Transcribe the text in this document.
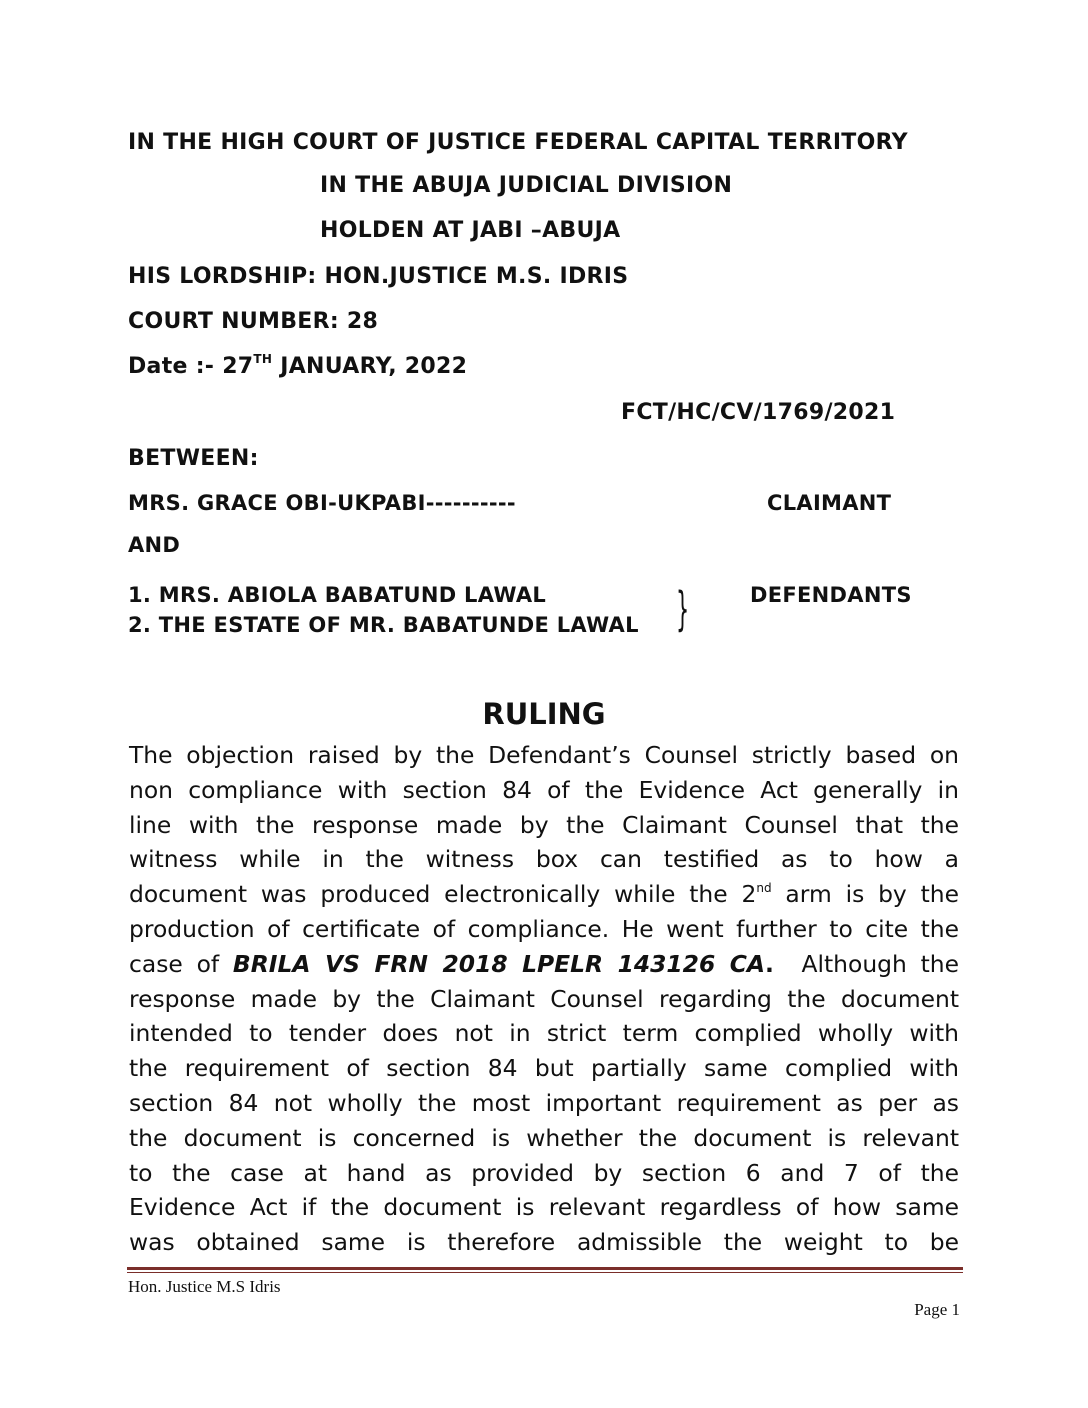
IN THE HIGH COURT OF JUSTICE FEDERAL CAPITAL TERRITORY
IN THE ABUJA JUDICIAL DIVISION
HOLDEN AT JABI –ABUJA
HIS LORDSHIP: HON.JUSTICE M.S. IDRIS
COURT NUMBER: 28
Date :- 27TH JANUARY, 2022
FCT/HC/CV/1769/2021
BETWEEN:
MRS. GRACE OBI-UKPABI----------	CLAIMANT
AND
1. MRS. ABIOLA BABATUND LAWAL
2. THE ESTATE OF MR. BABATUNDE LAWAL }	DEFENDANTS
RULING
The objection raised by the Defendant’s Counsel strictly based on
non compliance with section 84 of the Evidence Act generally in
line with the response made by the Claimant Counsel that the
witness while in the witness box can testified as to how a
document was produced electronically while the 2nd arm is by the
production of certificate of compliance. He went further to cite the
case of BRILA VS FRN 2018 LPELR 143126 CA.  Although the
response made by the Claimant Counsel regarding the document
intended to tender does not in strict term complied wholly with
the requirement of section 84 but partially same complied with
section 84 not wholly the most important requirement as per as
the document is concerned is whether the document is relevant
to the case at hand as provided by section 6 and 7 of the
Evidence Act if the document is relevant regardless of how same
was obtained same is therefore admissible the weight to be
Hon. Justice M.S Idris
Page 1
